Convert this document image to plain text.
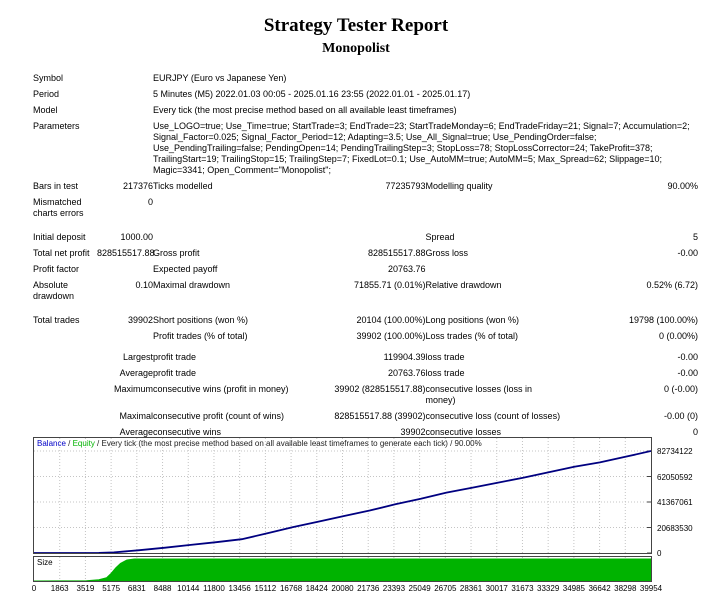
Strategy Tester Report
Monopolist
Symbol		EURJPY (Euro vs Japanese Yen)			
Period		5 Minutes (M5) 2022.01.03 00:05 - 2025.01.16 23:55 (2022.01.01 - 2025.01.17)			
Model		Every tick (the most precise method based on all available least timeframes)			
Parameters		Use_LOGO=true; Use_Time=true; StartTrade=3; EndTrade=23; StartTradeMonday=6; EndTradeFriday=21; Signal=7; Accumulation=2; Signal_Factor=0.025; Signal_Factor_Period=12; Adapting=3.5; Use_All_Signal=true; Use_PendingOrder=false; Use_PendingTrailing=false; PendingOpen=14; PendingTrailingStep=3; StopLoss=78; StopLossCorrector=24; TakeProfit=378; TrailingStart=19; TrailingStop=15; TrailingStep=7; FixedLot=0.1; Use_AutoMM=true; AutoMM=5; Max_Spread=62; Slippage=10; Magic=3341; Open_Comment="Monopolist";			
Bars in test	217376	Ticks modelled	77235793	Modelling quality	90.00%
Mismatched charts errors	0				

Initial deposit	1000.00			Spread	5
Total net profit	828515517.88	Gross profit	828515517.88	Gross loss	-0.00
Profit factor		Expected payoff	20763.76		
Absolute drawdown	0.10	Maximal drawdown	71855.71 (0.01%)	Relative drawdown	0.52% (6.72)

Total trades	39902	Short positions (won %)	20104 (100.00%)	Long positions (won %)	19798 (100.00%)
		Profit trades (% of total)	39902 (100.00%)	Loss trades (% of total)	0 (0.00%)

	Largest	profit trade	119904.39	loss trade	-0.00
	Average	profit trade	20763.76	loss trade	-0.00
	Maximum	consecutive wins (profit in money)	39902 (828515517.88)	consecutive losses (loss in money)	0 (-0.00)
	Maximal	consecutive profit (count of wins)	828515517.88 (39902)	consecutive loss (count of losses)	-0.00 (0)
	Average	consecutive wins	39902	consecutive losses	0
Balance / Equity / Every tick (the most precise method based on all available least timeframes to generate each tick) / 90.00%
Size
82734122
62050592
41367061
20683530
0
0 1863 3519 5175 6831 8488 10144 11800 13456 15112 16768 18424 20080 21736 23393 25049 26705 28361 30017 31673 33329 34985 36642 38298 39954
